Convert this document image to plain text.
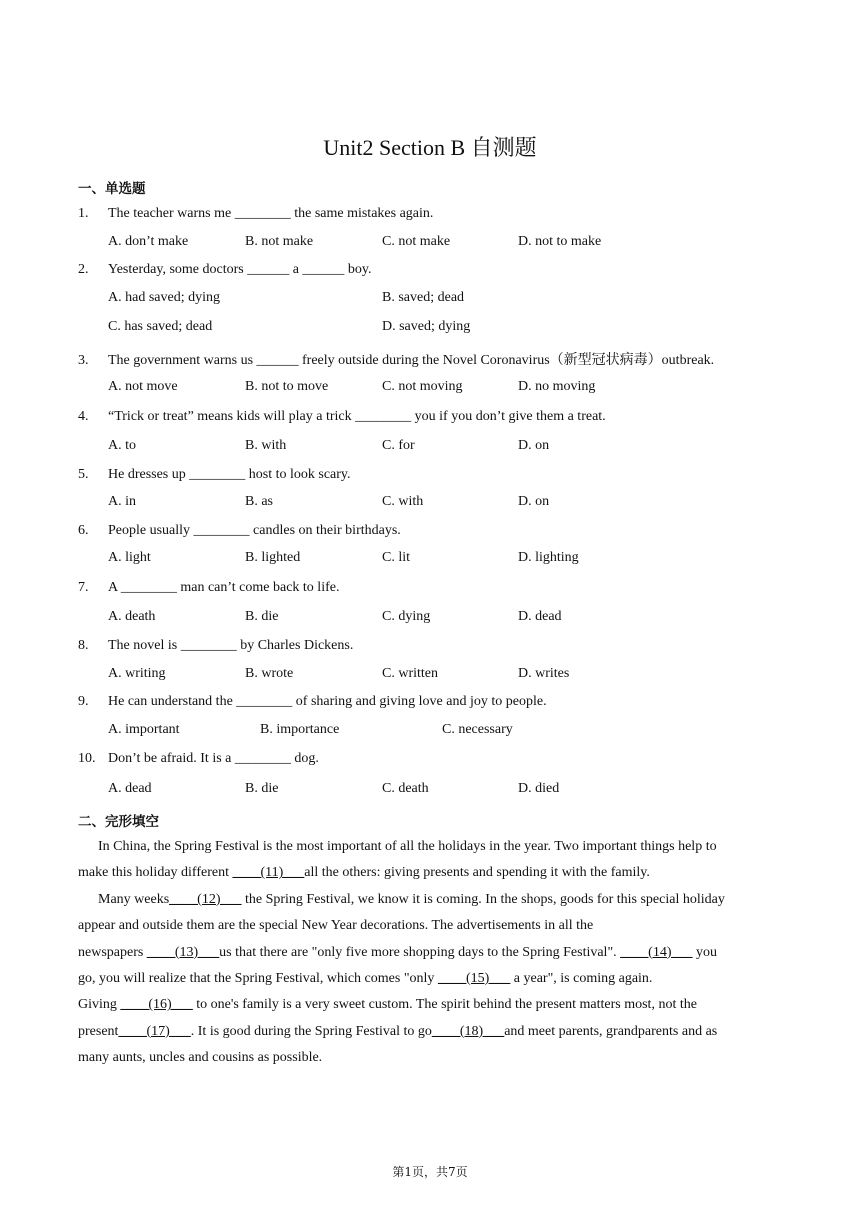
Unit2 Section B 自测题
一、单选题
1. The teacher warns me ________ the same mistakes again.
A. don’t make	B. not make	C. not make	D. not to make
2. Yesterday, some doctors ______ a ______ boy.
A. had saved; dying	B. saved; dead
C. has saved; dead	D. saved; dying
3. The government warns us ______ freely outside during the Novel Coronavirus（新型冠状病毒）outbreak.
A. not move	B. not to move	C. not moving	D. no moving
4. “Trick or treat” means kids will play a trick ________ you if you don’t give them a treat.
A. to	B. with	C. for	D. on
5. He dresses up ________ host to look scary.
A. in	B. as	C. with	D. on
6. People usually ________ candles on their birthdays.
A. light	B. lighted	C. lit	D. lighting
7. A ________ man can’t come back to life.
A. death	B. die	C. dying	D. dead
8. The novel is ________ by Charles Dickens.
A. writing	B. wrote	C. written	D. writes
9. He can understand the ________ of sharing and giving love and joy to people.
A. important	B. importance	C. necessary
10. Don’t be afraid. It is a ________ dog.
A. dead	B. die	C. death	D. died
二、完形填空
In China, the Spring Festival is the most important of all the holidays in the year. Two important things help to
make this holiday different ____(11)___all the others: giving presents and spending it with the family.
Many weeks____(12)___ the Spring Festival, we know it is coming. In the shops, goods for this special holiday
appear and outside them are the special New Year decorations. The advertisements in all the
newspapers ____(13)___us that there are "only five more shopping days to the Spring Festival". ____(14)___ you
go, you will realize that the Spring Festival, which comes "only ____(15)___ a year", is coming again.
Giving ____(16)___ to one's family is a very sweet custom. The spirit behind the present matters most, not the
present____(17)___. It is good during the Spring Festival to go____(18)___and meet parents, grandparents and as
many aunts, uncles and cousins as possible.
第1页，共7页
